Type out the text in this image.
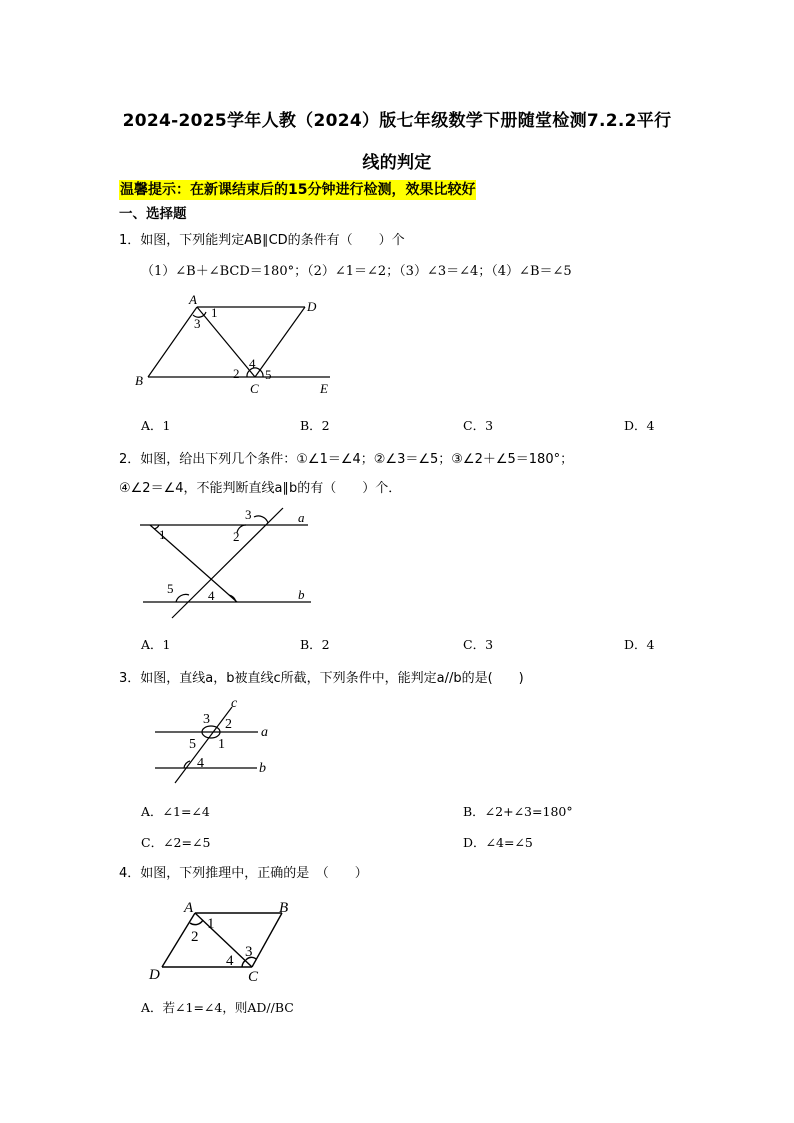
2024-2025学年人教（2024）版七年级数学下册随堂检测7.2.2平行
线的判定
温馨提示：在新课结束后的15分钟进行检测，效果比较好
一、选择题
1．如图，下列能判定AB∥CD的条件有（　　）个
（1）∠B＋∠BCD＝180°；（2）∠1＝∠2；（3）∠3＝∠4；（4）∠B＝∠5
A
B
C
D
E
1
2
3
4
5
A．1	B．2	C．3	D．4
2．如图，给出下列几个条件：①∠1＝∠4；②∠3＝∠5；③∠2＋∠5＝180°；
④∠2＝∠4，不能判断直线a∥b的有（　　）个．
a
b
1	2
3
4
5
A．1	B．2	C．3	D．4
3．如图，直线a，b被直线c所截，下列条件中，能判定a//b的是(　　)
a
b
c
1
2
3
4
5
A．∠1=∠4	B．∠2+∠3=180°
C．∠2=∠5	D．∠4=∠5
4．如图，下列推理中，正确的是　（　　）
A	B
C
D
1
2
3
4
A．若∠1=∠4，则AD//BC
